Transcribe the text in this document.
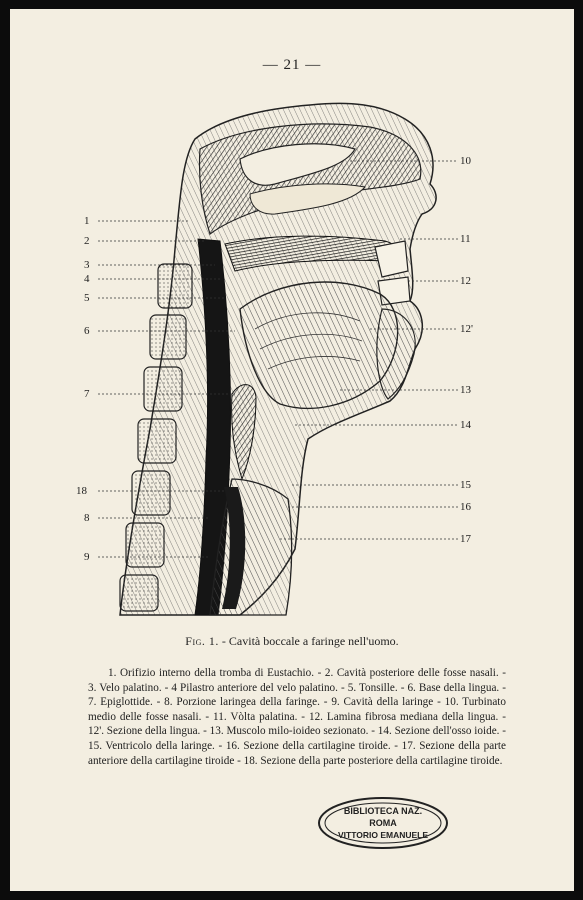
— 21 —
1
2
3
4
5
6
7
18
8
9
10
11
12
12'
13
14
15
16
17
Fig. 1. - Cavità boccale a faringe nell'uomo.

1. Orifizio interno della tromba di Eustachio. - 2. Cavità posteriore delle fosse nasali. - 3. Velo palatino. - 4 Pilastro anteriore del velo palatino. - 5. Tonsille. - 6. Base della lingua. - 7. Epiglottide. - 8. Porzione laringea della faringe. - 9. Cavità della laringe - 10. Turbinato medio delle fosse nasali. - 11. Vòlta palatina. - 12. Lamina fibrosa mediana della lingua. - 12'. Sezione della lingua. - 13. Muscolo milo-ioideo sezionato. - 14. Sezione dell'osso ioide. - 15. Ventricolo della laringe. - 16. Sezione della cartilagine tiroide. - 17. Sezione della parte anteriore della cartilagine tiroide - 18. Sezione della parte posteriore della cartilagine tiroide.

BIBLIOTECA NAZ.
ROMA
VITTORIO EMANUELE
